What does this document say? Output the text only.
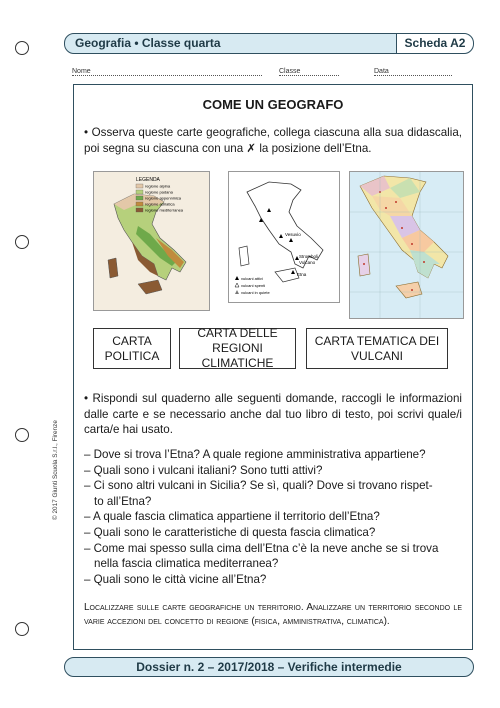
Geografia • Classe quarta	Scheda A2
Nome	Classe	Data
COME UN GEOGRAFO
• Osserva queste carte geografiche, collega ciascuna alla sua didascalia, poi segna su ciascuna con una ✗ la posizione dell’Etna.
LEGENDA
regione alpina
regione padana
regione appenninica
regione adriatica
regione mediterranea
Vesuvio
Stromboli
Vulcano
Etna
vulcani attivi
vulcani spenti
vulcani in quiete
CARTA POLITICA
CARTA DELLE REGIONI CLIMATICHE
CARTA TEMATICA DEI VULCANI
• Rispondi sul quaderno alle seguenti domande, raccogli le informazioni dalle carte e se necessario anche dal tuo libro di testo, poi scrivi quale/i carta/e hai usato.
– Dove si trova l’Etna? A quale regione amministrativa appartiene?
– Quali sono i vulcani italiani? Sono tutti attivi?
– Ci sono altri vulcani in Sicilia? Se sì, quali? Dove si trovano rispet-
to all’Etna?
– A quale fascia climatica appartiene il territorio dell’Etna?
– Quali sono le caratteristiche di questa fascia climatica?
– Come mai spesso sulla cima dell’Etna c’è la neve anche se si trova
nella fascia climatica mediterranea?
– Quali sono le città vicine all’Etna?
Localizzare sulle carte geografiche un territorio. Analizzare un territorio secondo le varie accezioni del concetto di regione (fisica, amministrativa, climatica).
© 2017 Giunti Scuola S.r.l., Firenze
Dossier n. 2 – 2017/2018 – Verifiche intermedie
